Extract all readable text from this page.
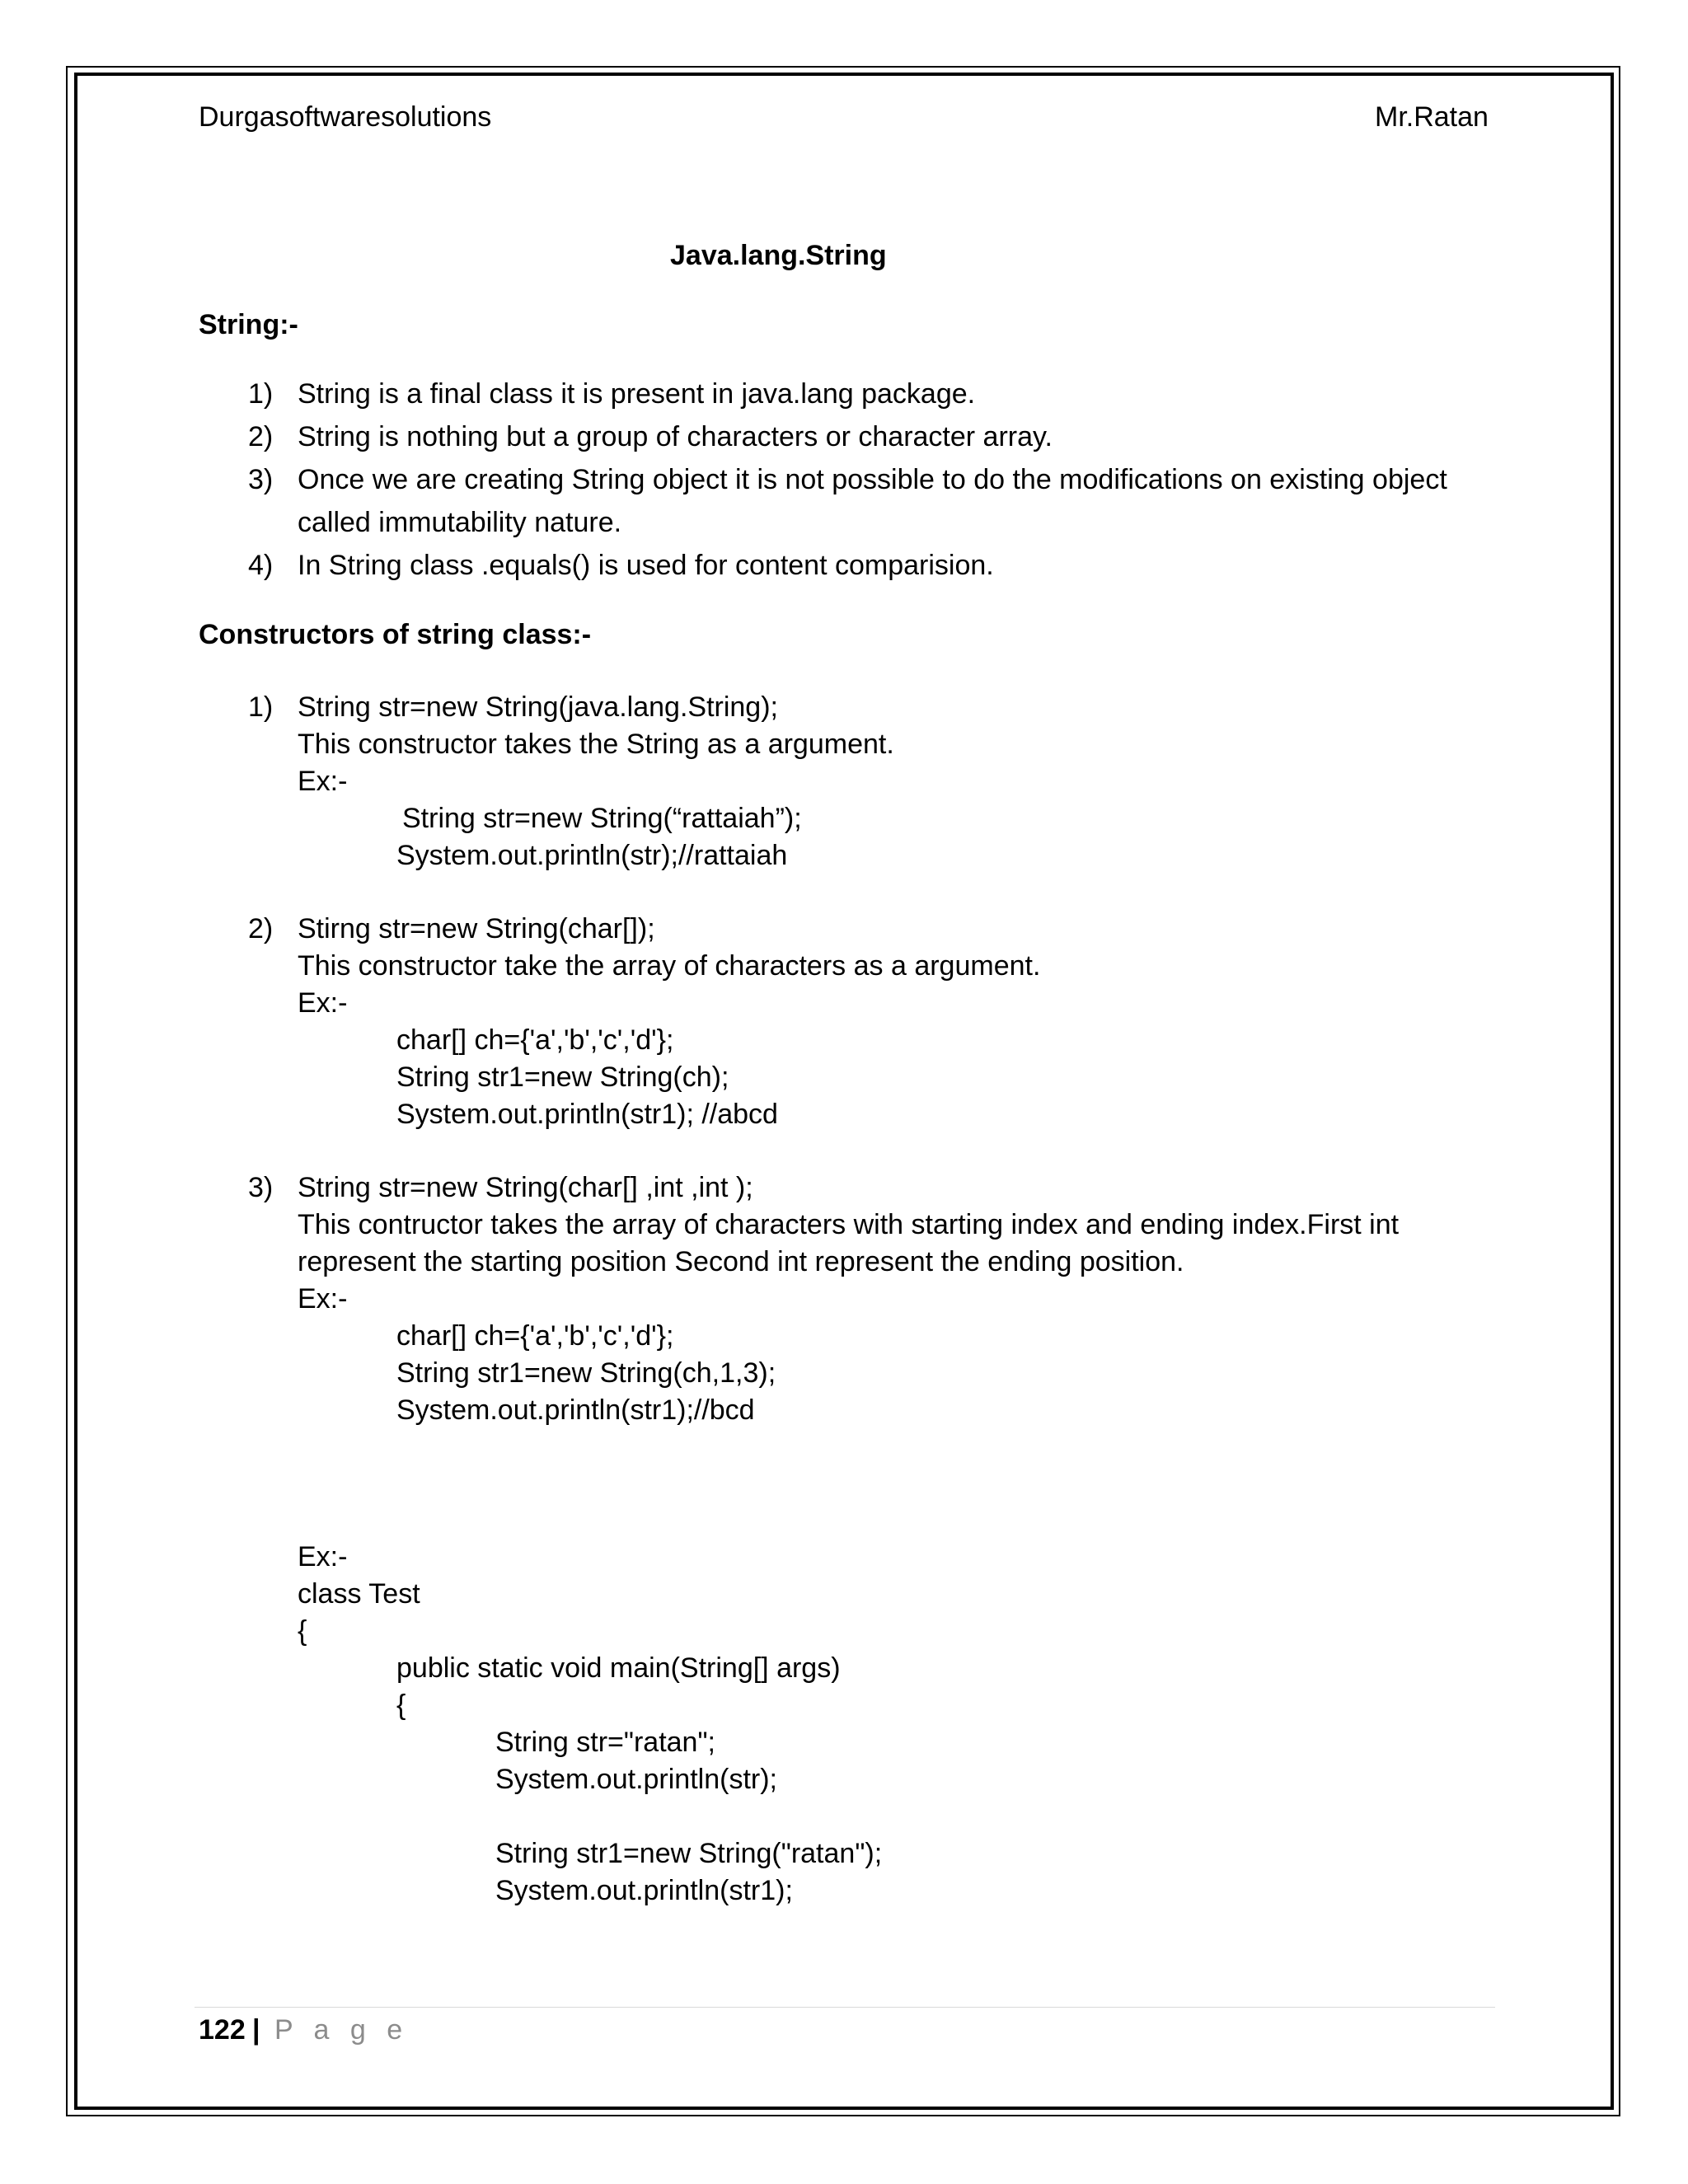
Durgasoftwaresolutions	Mr.Ratan
Java.lang.String
String:-
1) String is a final class it is present in java.lang package.
2) String is nothing but a group of characters or character array.
3) Once we are creating String object it is not possible to do the modifications on existing object
called immutability nature.
4) In String class .equals() is used for content comparision.
Constructors of string class:-
1) String str=new String(java.lang.String);
This constructor takes the String as a argument.
Ex:-
String str=new String(“rattaiah”);
System.out.println(str);//rattaiah
2) Stirng str=new String(char[]);
This constructor take the array of characters as a argument.
Ex:-
char[] ch={'a','b','c','d'};
String str1=new String(ch);
System.out.println(str1); //abcd
3) String str=new String(char[] ,int ,int );
This contructor takes the array of characters with starting index and ending index.First int
represent the starting position Second int represent the ending position.
Ex:-
char[] ch={'a','b','c','d'};
String str1=new String(ch,1,3);
System.out.println(str1);//bcd
Ex:-
class Test
{
public static void main(String[] args)
{
String str="ratan";
System.out.println(str);
String str1=new String("ratan");
System.out.println(str1);
122 | P a g e
